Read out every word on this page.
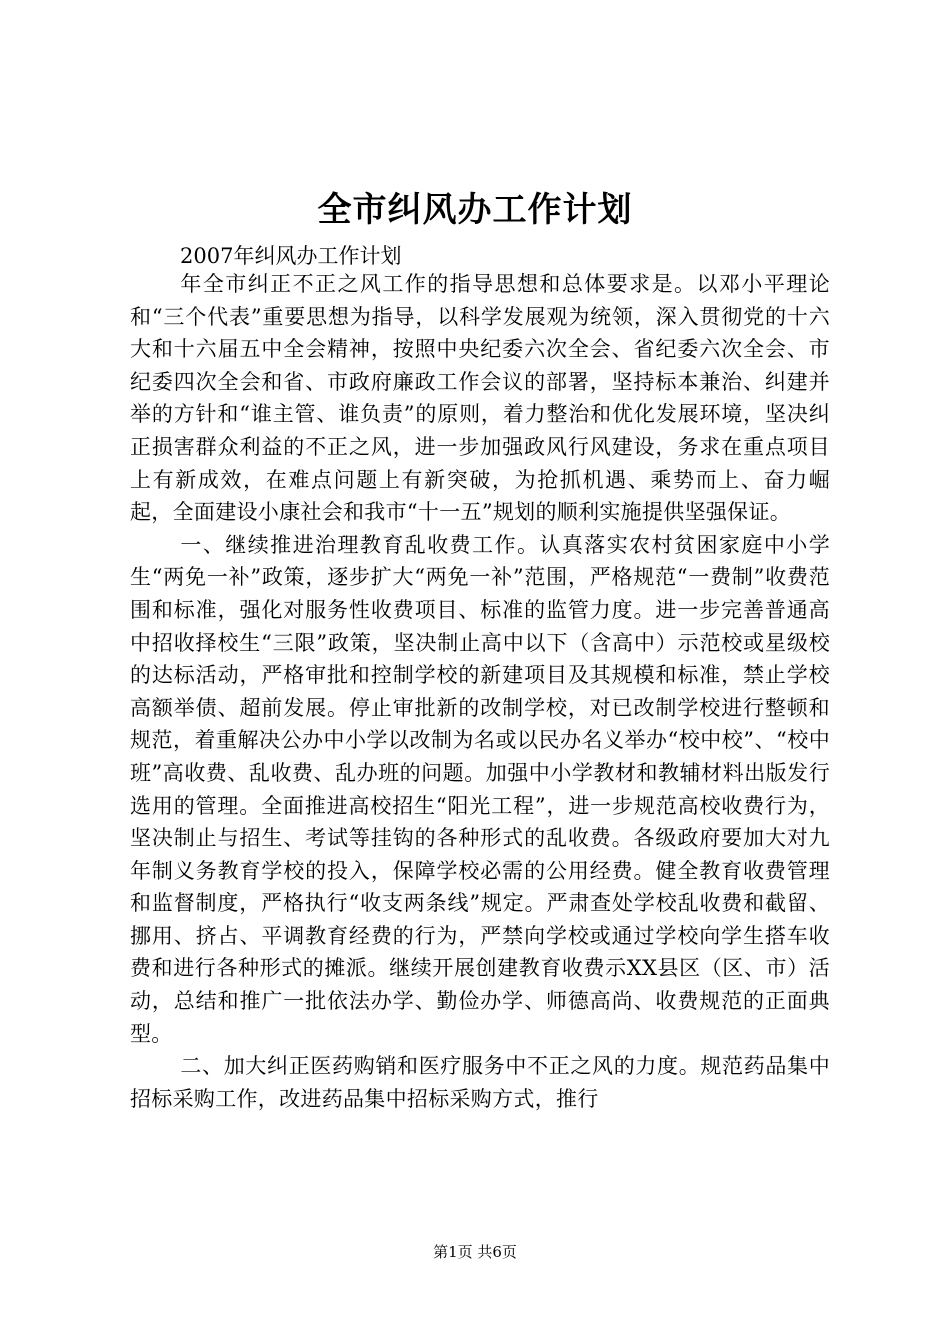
全市纠风办工作计划
2007年纠风办工作计划

年全市纠正不正之风工作的指导思想和总体要求是。以邓小平理论和“三个代表”重要思想为指导，以科学发展观为统领，深入贯彻党的十六大和十六届五中全会精神，按照中央纪委六次全会、省纪委六次全会、市纪委四次全会和省、市政府廉政工作会议的部署，坚持标本兼治、纠建并举的方针和“谁主管、谁负责”的原则，着力整治和优化发展环境，坚决纠正损害群众利益的不正之风，进一步加强政风行风建设，务求在重点项目上有新成效，在难点问题上有新突破，为抢抓机遇、乘势而上、奋力崛起，全面建设小康社会和我市“十一五”规划的顺利实施提供坚强保证。

一、继续推进治理教育乱收费工作。认真落实农村贫困家庭中小学生“两免一补”政策，逐步扩大“两免一补”范围，严格规范“一费制”收费范围和标准，强化对服务性收费项目、标准的监管力度。进一步完善普通高中招收择校生“三限”政策，坚决制止高中以下（含高中）示范校或星级校的达标活动，严格审批和控制学校的新建项目及其规模和标准，禁止学校高额举债、超前发展。停止审批新的改制学校，对已改制学校进行整顿和规范，着重解决公办中小学以改制为名或以民办名义举办“校中校”、“校中班”高收费、乱收费、乱办班的问题。加强中小学教材和教辅材料出版发行选用的管理。全面推进高校招生“阳光工程”，进一步规范高校收费行为，坚决制止与招生、考试等挂钩的各种形式的乱收费。各级政府要加大对九年制义务教育学校的投入，保障学校必需的公用经费。健全教育收费管理和监督制度，严格执行“收支两条线”规定。严肃查处学校乱收费和截留、挪用、挤占、平调教育经费的行为，严禁向学校或通过学校向学生搭车收费和进行各种形式的摊派。继续开展创建教育收费示XX县区（区、市）活动，总结和推广一批依法办学、勤俭办学、师德高尚、收费规范的正面典型。

二、加大纠正医药购销和医疗服务中不正之风的力度。规范药品集中招标采购工作，改进药品集中招标采购方式，推行

第1页 共6页
